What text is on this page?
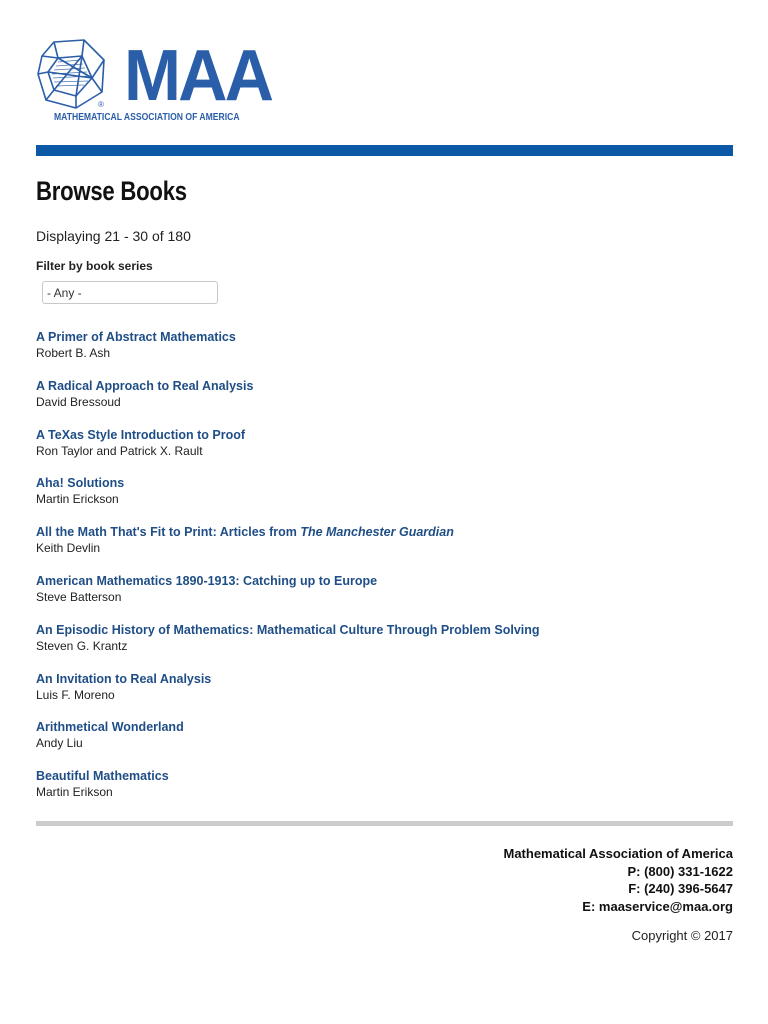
MAA
®
MATHEMATICAL ASSOCIATION OF AMERICA
Browse Books
Displaying 21 - 30 of 180
Filter by book series
- Any -
A Primer of Abstract Mathematics
Robert B. Ash
A Radical Approach to Real Analysis
David Bressoud
A TeXas Style Introduction to Proof
Ron Taylor and Patrick X. Rault
Aha! Solutions
Martin Erickson
All the Math That's Fit to Print: Articles from The Manchester Guardian
Keith Devlin
American Mathematics 1890-1913: Catching up to Europe
Steve Batterson
An Episodic History of Mathematics: Mathematical Culture Through Problem Solving
Steven G. Krantz
An Invitation to Real Analysis
Luis F. Moreno
Arithmetical Wonderland
Andy Liu
Beautiful Mathematics
Martin Erikson
Mathematical Association of America
P: (800) 331-1622
F: (240) 396-5647
E: maaservice@maa.org
Copyright © 2017
